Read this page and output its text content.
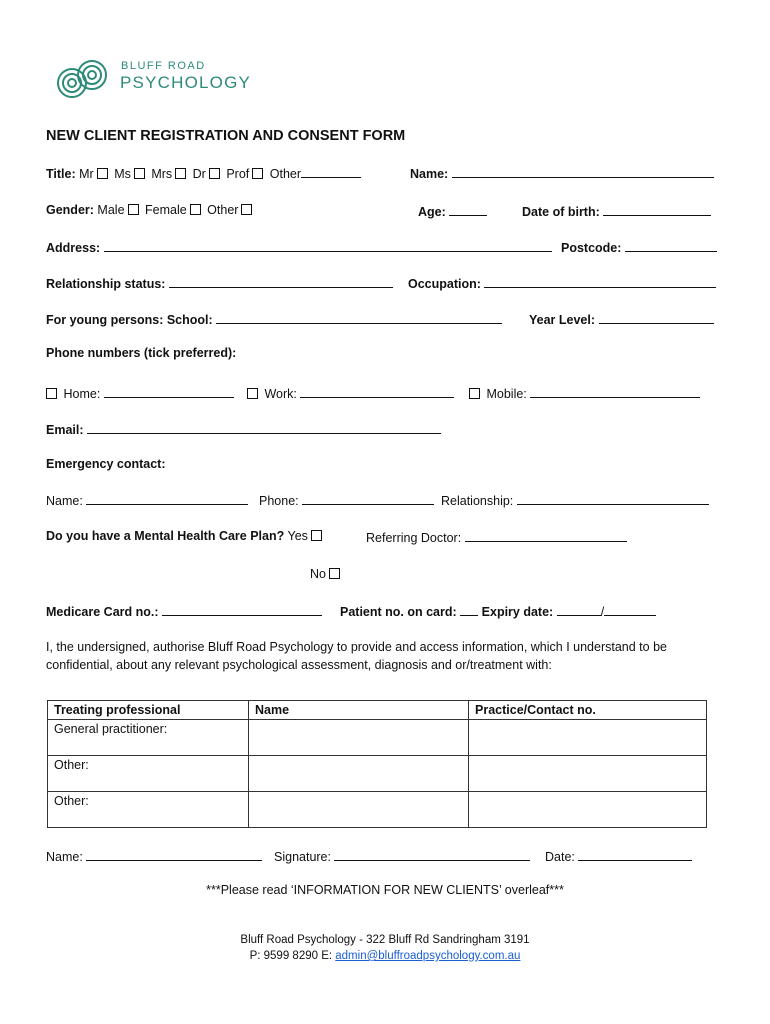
BLUFF ROAD
PSYCHOLOGY
NEW CLIENT REGISTRATION AND CONSENT FORM
Title: Mr Ms Mrs Dr Prof Other	Name:
Gender: Male Female Other	Age:	Date of birth:
Address:	Postcode:
Relationship status:	Occupation:
For young persons: School:	Year Level:
Phone numbers (tick preferred):
Home:	Work:	Mobile:
Email:
Emergency contact:
Name:	Phone:	Relationship:
Do you have a Mental Health Care Plan? Yes	Referring Doctor:
No
Medicare Card no.:	Patient no. on card: Expiry date:	/
I, the undersigned, authorise Bluff Road Psychology to provide and access information, which I understand to be confidential, about any relevant psychological assessment, diagnosis and or/treatment with:
Treating professional	Name	Practice/Contact no.
General practitioner:		
Other:		
Other:		
Name:	Signature:	Date:
***Please read ‘INFORMATION FOR NEW CLIENTS’ overleaf***
Bluff Road Psychology - 322 Bluff Rd Sandringham 3191
P: 9599 8290 E: admin@bluffroadpsychology.com.au
